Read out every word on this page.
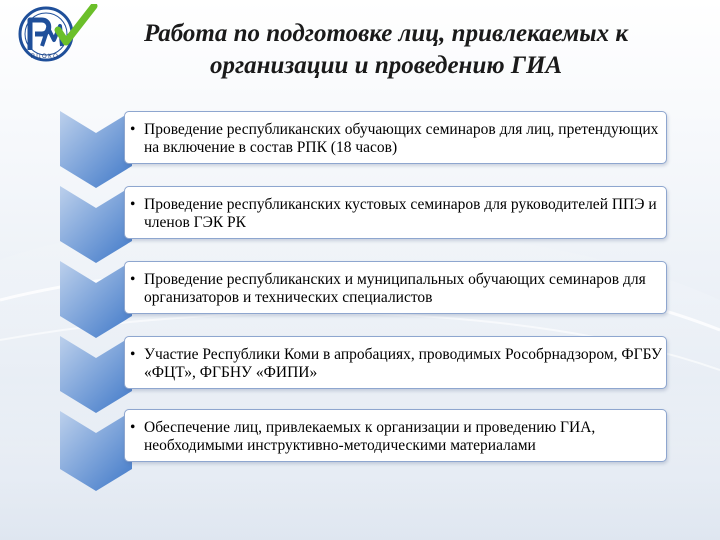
РЦОКО
Работа по подготовке лиц, привлекаемых к организации и проведению ГИА
• Проведение республиканских обучающих семинаров для лиц, претендующих на включение в состав РПК (18 часов)
• Проведение республиканских кустовых семинаров для руководителей ППЭ и членов ГЭК РК
• Проведение республиканских и муниципальных обучающих семинаров для организаторов и технических специалистов
• Участие Республики Коми в апробациях, проводимых Рособрнадзором, ФГБУ «ФЦТ», ФГБНУ «ФИПИ»
• Обеспечение лиц, привлекаемых к организации и проведению ГИА, необходимыми инструктивно-методическими материалами
